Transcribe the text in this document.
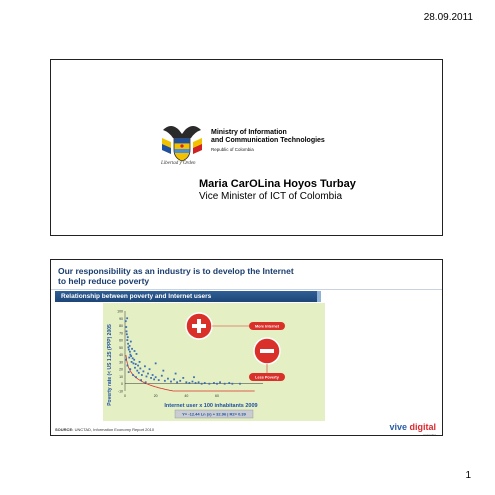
28.09.2011
Libertad y Orden
Ministry of Information
and Communication Technologies
Republic of Colombia
Maria CarOLina Hoyos Turbay
Vice Minister of ICT of Colombia
Our responsibility as an industry is to develop the Internet
to help reduce poverty
Relationship between poverty and Internet users
Poverty rate (< US 1.25 (PPP) 2005
Internet user x 100 inhabitants 2009
100
90
80
70
60
50
40
30
20
10
0
-10
0	20	40	60
More Internet
Less Poverty
Y= -12.44 Ln (x) + 32.96 | R2= 0.39
SOURCE: UNCTAD, Information Economy Report 2010	vive digital
Colombia
1
